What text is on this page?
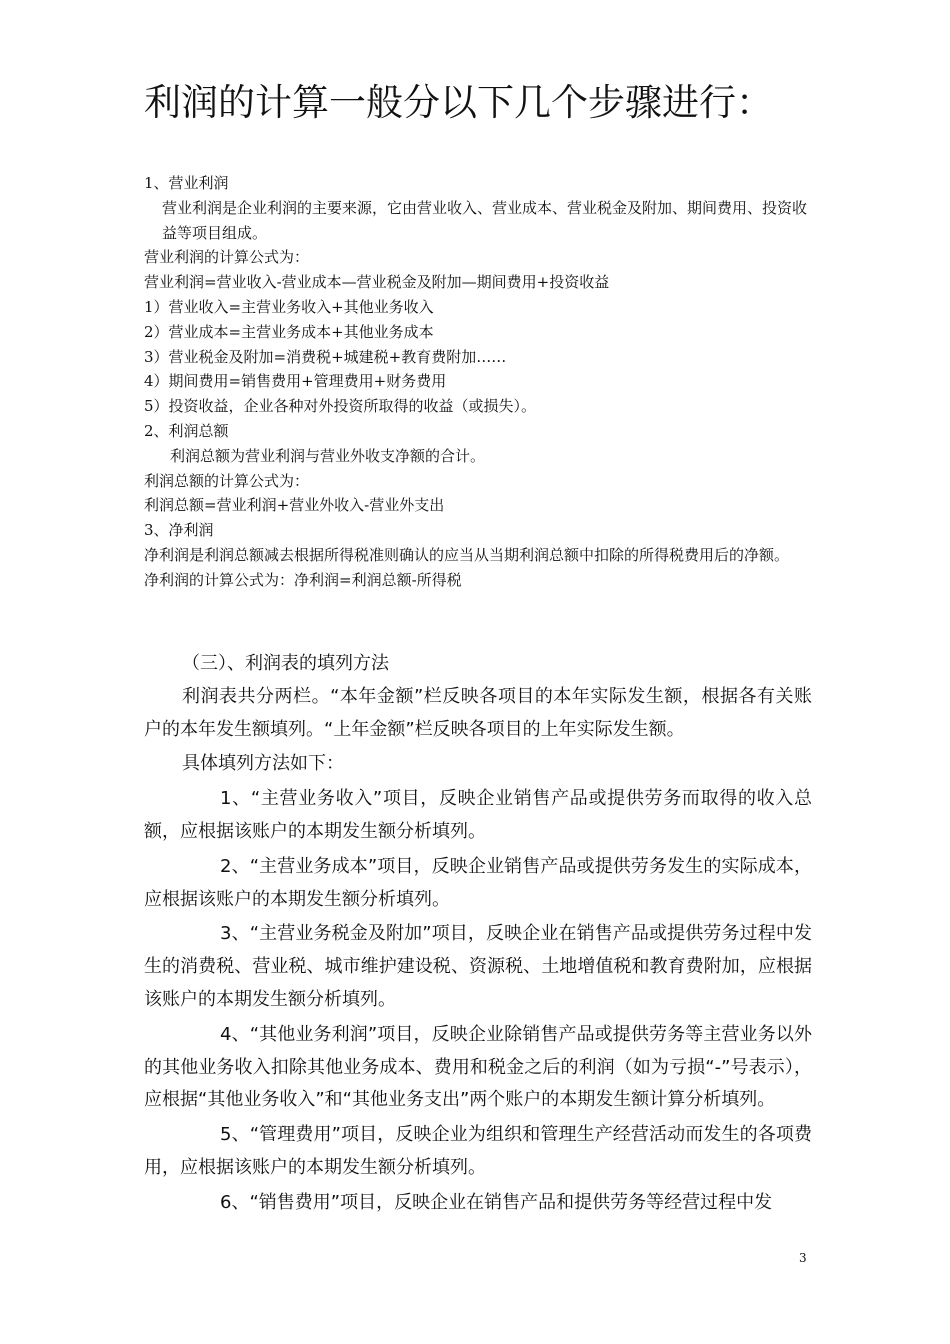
利润的计算一般分以下几个步骤进行：

1、营业利润

营业利润是企业利润的主要来源，它由营业收入、营业成本、营业税金及附加、期间费用、投资收益等项目组成。

营业利润的计算公式为：

营业利润=营业收入-营业成本—营业税金及附加—期间费用+投资收益

1）营业收入=主营业务收入+其他业务收入

2）营业成本=主营业务成本+其他业务成本

3）营业税金及附加=消费税+城建税+教育费附加……

4）期间费用=销售费用+管理费用+财务费用

5）投资收益，企业各种对外投资所取得的收益（或损失）。

2、利润总额

利润总额为营业利润与营业外收支净额的合计。

利润总额的计算公式为：

利润总额=营业利润+营业外收入-营业外支出

3、净利润

净利润是利润总额减去根据所得税准则确认的应当从当期利润总额中扣除的所得税费用后的净额。

净利润的计算公式为：净利润=利润总额-所得税

（三）、利润表的填列方法

利润表共分两栏。“本年金额”栏反映各项目的本年实际发生额，根据各有关账户的本年发生额填列。“上年金额”栏反映各项目的上年实际发生额。

具体填列方法如下：

1、“主营业务收入”项目，反映企业销售产品或提供劳务而取得的收入总额，应根据该账户的本期发生额分析填列。

2、“主营业务成本”项目，反映企业销售产品或提供劳务发生的实际成本，应根据该账户的本期发生额分析填列。

3、“主营业务税金及附加”项目，反映企业在销售产品或提供劳务过程中发生的消费税、营业税、城市维护建设税、资源税、土地增值税和教育费附加，应根据该账户的本期发生额分析填列。

4、“其他业务利润”项目，反映企业除销售产品或提供劳务等主营业务以外的其他业务收入扣除其他业务成本、费用和税金之后的利润（如为亏损“-”号表示），应根据“其他业务收入”和“其他业务支出”两个账户的本期发生额计算分析填列。

5、“管理费用”项目，反映企业为组织和管理生产经营活动而发生的各项费用，应根据该账户的本期发生额分析填列。

6、“销售费用”项目，反映企业在销售产品和提供劳务等经营过程中发

3
